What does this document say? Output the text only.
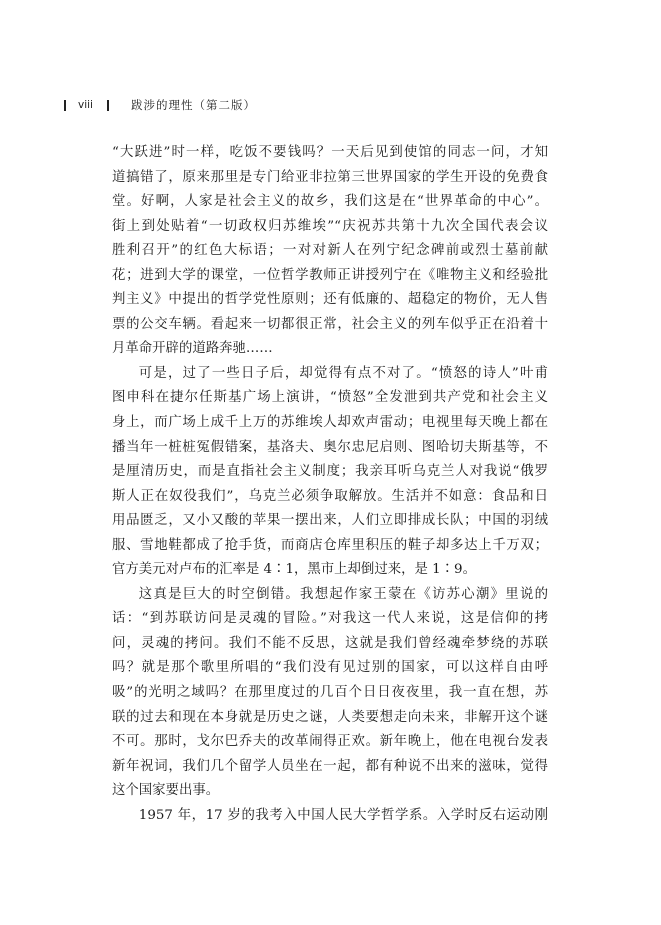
viii	跋涉的理性（第二版）
“大跃进”时一样，吃饭不要钱吗？一天后见到使馆的同志一问，才知
道搞错了，原来那里是专门给亚非拉第三世界国家的学生开设的免费食
堂。好啊，人家是社会主义的故乡，我们这是在“世界革命的中心”。
街上到处贴着“一切政权归苏维埃”“庆祝苏共第十九次全国代表会议
胜利召开”的红色大标语；一对对新人在列宁纪念碑前或烈士墓前献
花；进到大学的课堂，一位哲学教师正讲授列宁在《唯物主义和经验批
判主义》中提出的哲学党性原则；还有低廉的、超稳定的物价，无人售
票的公交车辆。看起来一切都很正常，社会主义的列车似乎正在沿着十
月革命开辟的道路奔驰……
可是，过了一些日子后，却觉得有点不对了。“愤怒的诗人”叶甫
图申科在捷尔任斯基广场上演讲，“愤怒”全发泄到共产党和社会主义
身上，而广场上成千上万的苏维埃人却欢声雷动；电视里每天晚上都在
播当年一桩桩冤假错案，基洛夫、奥尔忠尼启则、图哈切夫斯基等，不
是厘清历史，而是直指社会主义制度；我亲耳听乌克兰人对我说“俄罗
斯人正在奴役我们”，乌克兰必须争取解放。生活并不如意：食品和日
用品匮乏，又小又酸的苹果一摆出来，人们立即排成长队；中国的羽绒
服、雪地鞋都成了抢手货，而商店仓库里积压的鞋子却多达上千万双；
官方美元对卢布的汇率是 4∶1，黑市上却倒过来，是 1∶9。
这真是巨大的时空倒错。我想起作家王蒙在《访苏心潮》里说的
话：“到苏联访问是灵魂的冒险。”对我这一代人来说，这是信仰的拷
问，灵魂的拷问。我们不能不反思，这就是我们曾经魂牵梦绕的苏联
吗？就是那个歌里所唱的“我们没有见过别的国家，可以这样自由呼
吸”的光明之域吗？在那里度过的几百个日日夜夜里，我一直在想，苏
联的过去和现在本身就是历史之谜，人类要想走向未来，非解开这个谜
不可。那时，戈尔巴乔夫的改革闹得正欢。新年晚上，他在电视台发表
新年祝词，我们几个留学人员坐在一起，都有种说不出来的滋味，觉得
这个国家要出事。
1957 年，17 岁的我考入中国人民大学哲学系。入学时反右运动刚
